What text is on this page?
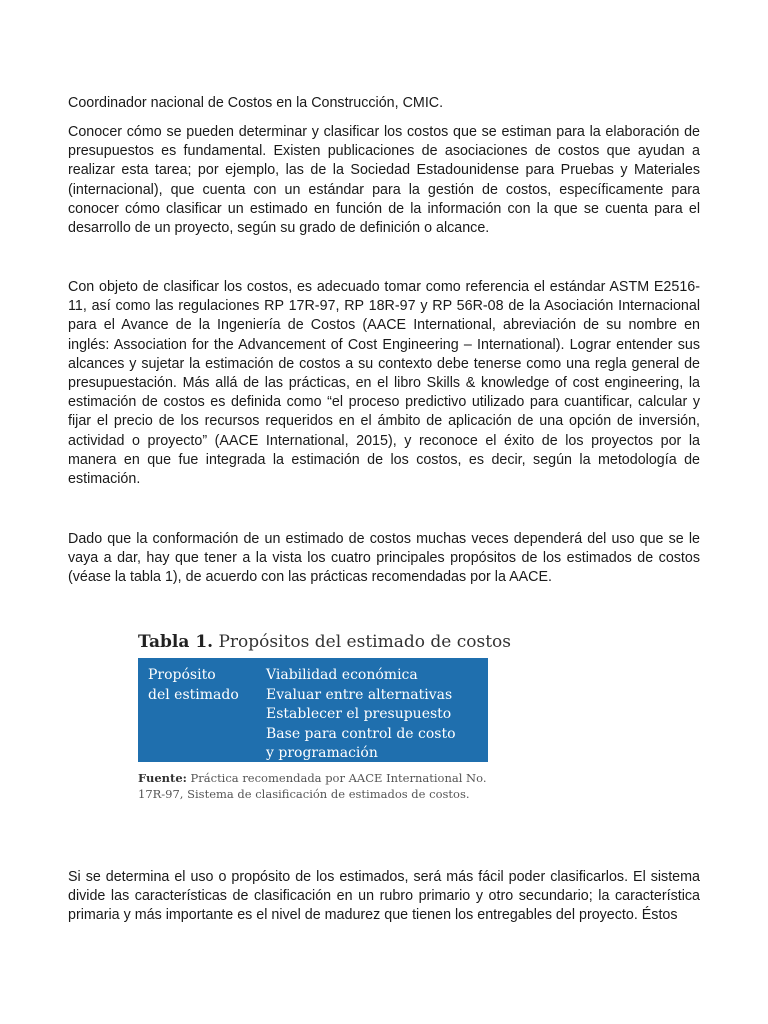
Coordinador nacional de Costos en la Construcción, CMIC.

Conocer cómo se pueden determinar y clasificar los costos que se estiman para la elaboración de presupuestos es fundamental. Existen publicaciones de asociaciones de costos que ayudan a realizar esta tarea; por ejemplo, las de la Sociedad Estadounidense para Pruebas y Materiales (internacional), que cuenta con un estándar para la gestión de costos, específicamente para conocer cómo clasificar un estimado en función de la información con la que se cuenta para el desarrollo de un proyecto, según su grado de definición o alcance.

Con objeto de clasificar los costos, es adecuado tomar como referencia el estándar ASTM E2516-11, así como las regulaciones RP 17R-97, RP 18R-97 y RP 56R-08 de la Asociación Internacional para el Avance de la Ingeniería de Costos (AACE International, abreviación de su nombre en inglés: Association for the Advancement of Cost Engineering – International). Lograr entender sus alcances y sujetar la estimación de costos a su contexto debe tenerse como una regla general de presupuestación. Más allá de las prácticas, en el libro Skills & knowledge of cost engineering, la estimación de costos es definida como “el proceso predictivo utilizado para cuantificar, calcular y fijar el precio de los recursos requeridos en el ámbito de aplicación de una opción de inversión, actividad o proyecto” (AACE International, 2015), y reconoce el éxito de los proyectos por la manera en que fue integrada la estimación de los costos, es decir, según la metodología de estimación.

Dado que la conformación de un estimado de costos muchas veces dependerá del uso que se le vaya a dar, hay que tener a la vista los cuatro principales propósitos de los estimados de costos (véase la tabla 1), de acuerdo con las prácticas recomendadas por la AACE.

Tabla 1. Propósitos del estimado de costos
Propósito
del estimado
Viabilidad económica
Evaluar entre alternativas
Establecer el presupuesto
Base para control de costo
y programación
Fuente: Práctica recomendada por AACE International No. 17R-97, Sistema de clasificación de estimados de costos.

Si se determina el uso o propósito de los estimados, será más fácil poder clasificarlos. El sistema divide las características de clasificación en un rubro primario y otro secundario; la característica primaria y más importante es el nivel de madurez que tienen los entregables del proyecto. Éstos
